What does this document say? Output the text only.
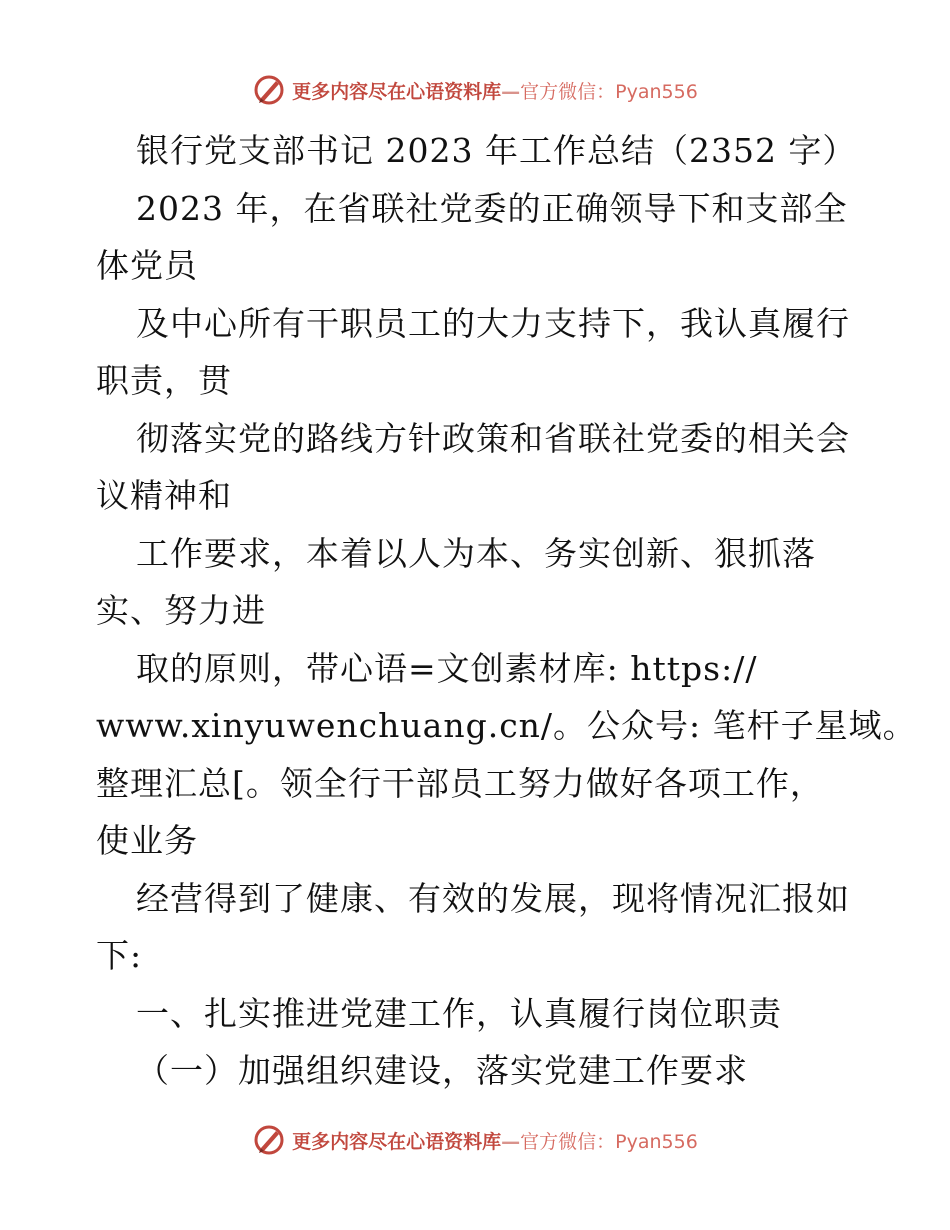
更多内容尽在心语资料库—官方微信：Pyan556
银行党支部书记 2023 年工作总结（2352 字）
2023 年，在省联社党委的正确领导下和支部全
体党员
及中心所有干职员工的大力支持下，我认真履行
职责，贯
彻落实党的路线方针政策和省联社党委的相关会
议精神和
工作要求，本着以人为本、务实创新、狠抓落
实、努力进
取的原则，带心语=文创素材库: https://
www.xinyuwenchuang.cn/。公众号: 笔杆子星域。
整理汇总[。领全行干部员工努力做好各项工作，
使业务
经营得到了健康、有效的发展，现将情况汇报如
下:
一、扎实推进党建工作，认真履行岗位职责
（一）加强组织建设，落实党建工作要求
更多内容尽在心语资料库—官方微信：Pyan556
